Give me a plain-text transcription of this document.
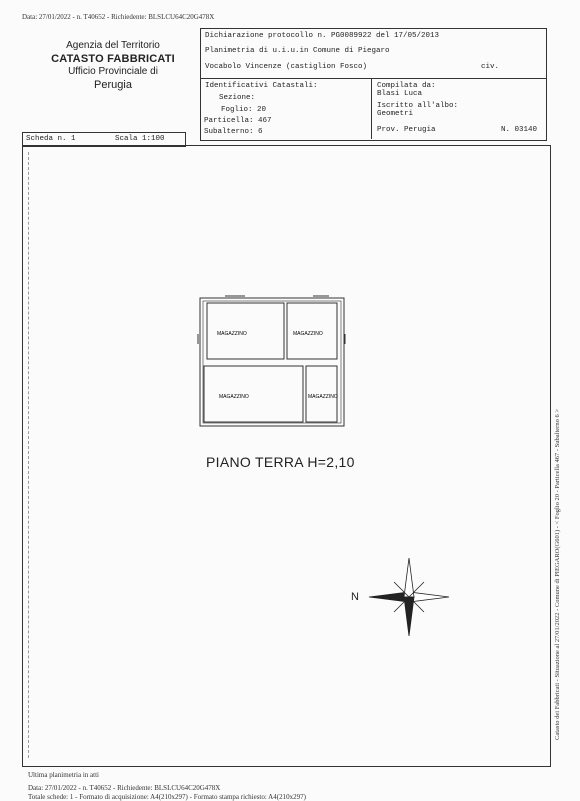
Data: 27/01/2022 - n. T40652 - Richiedente: BLSLCU64C20G478X
Agenzia del Territorio
CATASTO FABBRICATI
Ufficio Provinciale di
Perugia
Dichiarazione protocollo n. PG0089922 del 17/05/2013
Planimetria di u.i.u.in Comune di Piegaro
Vocabolo Vincenze (castiglion Fosco)	civ.
Identificativi Catastali:
Sezione:
Foglio: 20
Particella: 467
Subalterno: 6
Compilata da:
Blasi Luca
Iscritto all'albo:
Geometri
Prov. Perugia	N. 03140
Scheda n. 1	Scala 1:100
MAGAZZINO	MAGAZZINO
MAGAZZINO	MAGAZZINO
PIANO TERRA H=2,10
N	Catasto dei Fabbricati - Situazione al 27/01/2022 - Comune di PIEGARO(G601) - < Foglio 20 - Particella 467 - Subalterno 6 >
Ultima planimetria in atti
Data: 27/01/2022 - n. T40652 - Richiedente: BLSLCU64C20G478X
Totale schede: 1 - Formato di acquisizione: A4(210x297) - Formato stampa richiesto: A4(210x297)
